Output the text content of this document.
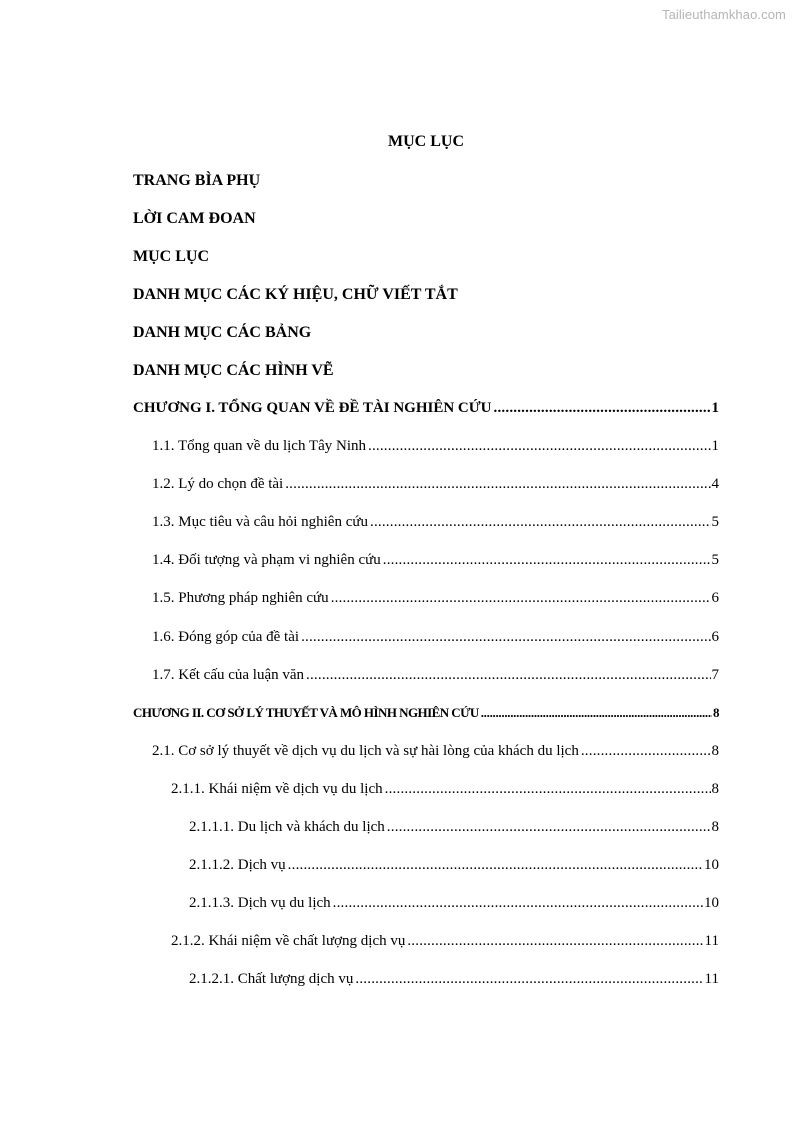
Tailieuthamkhao.com
MỤC LỤC
TRANG BÌA PHỤ
LỜI CAM ĐOAN
MỤC LỤC
DANH MỤC CÁC KÝ HIỆU, CHỮ VIẾT TẮT
DANH MỤC CÁC BẢNG
DANH MỤC CÁC HÌNH VẼ
CHƯƠNG I. TỔNG QUAN VỀ ĐỀ TÀI NGHIÊN CỨU .....	1
1.1. Tổng quan về du lịch Tây Ninh .....	1
1.2. Lý do chọn đề tài .....	4
1.3. Mục tiêu và câu hỏi nghiên cứu .....	5
1.4. Đối tượng và phạm vi nghiên cứu .....	5
1.5. Phương pháp nghiên cứu .....	6
1.6. Đóng góp của đề tài .....	6
1.7. Kết cấu của luận văn .....	7
CHƯƠNG II. CƠ SỞ LÝ THUYẾT VÀ MÔ HÌNH NGHIÊN CỨU .....	8
2.1. Cơ sở lý thuyết về dịch vụ du lịch và sự hài lòng của khách du lịch .....	8
2.1.1. Khái niệm về dịch vụ du lịch .....	8
2.1.1.1. Du lịch và khách du lịch .....	8
2.1.1.2. Dịch vụ .....	10
2.1.1.3. Dịch vụ du lịch .....	10
2.1.2. Khái niệm về chất lượng dịch vụ .....	11
2.1.2.1. Chất lượng dịch vụ .....	11
